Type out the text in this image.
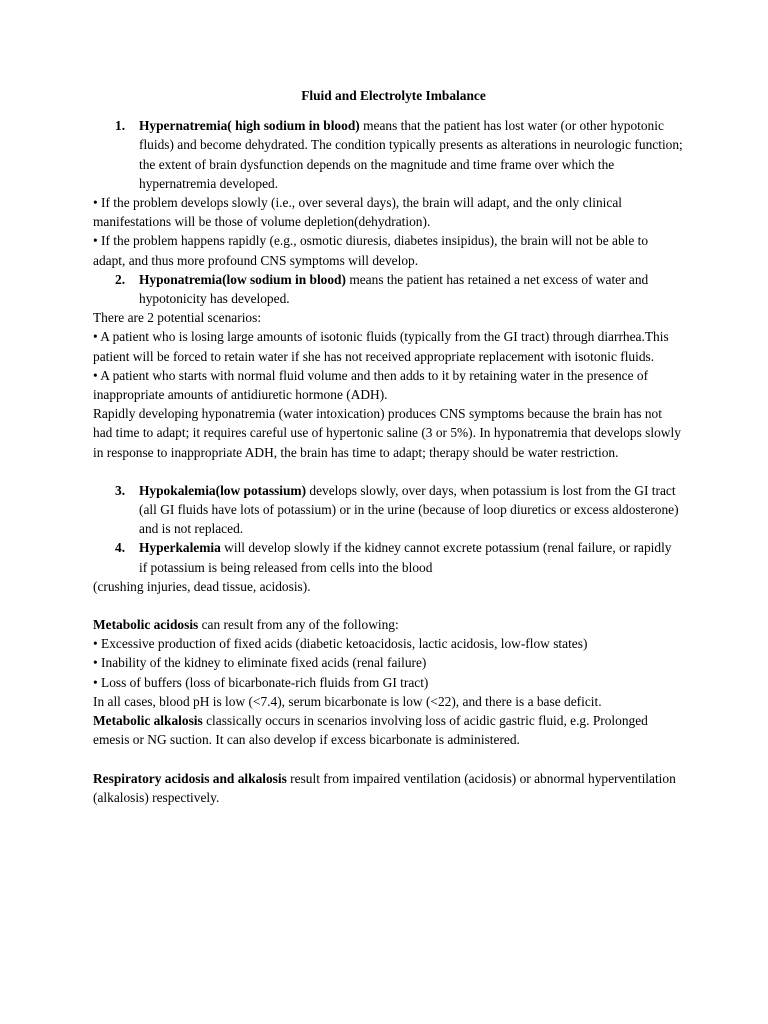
Fluid and Electrolyte Imbalance

1. Hypernatremia( high sodium in blood) means that the patient has lost water (or other hypotonic fluids) and become dehydrated. The condition typically presents as alterations in neurologic function; the extent of brain dysfunction depends on the magnitude and time frame over which the hypernatremia developed.

• If the problem develops slowly (i.e., over several days), the brain will adapt, and the only clinical manifestations will be those of volume depletion(dehydration).

• If the problem happens rapidly (e.g., osmotic diuresis, diabetes insipidus), the brain will not be able to adapt, and thus more profound CNS symptoms will develop.

2. Hyponatremia(low sodium in blood) means the patient has retained a net excess of water and hypotonicity has developed.

There are 2 potential scenarios:

• A patient who is losing large amounts of isotonic fluids (typically from the GI tract) through diarrhea.This patient will be forced to retain water if she has not received appropriate replacement with isotonic fluids.

• A patient who starts with normal fluid volume and then adds to it by retaining water in the presence of inappropriate amounts of antidiuretic hormone (ADH).

Rapidly developing hyponatremia (water intoxication) produces CNS symptoms because the brain has not had time to adapt; it requires careful use of hypertonic saline (3 or 5%). In hyponatremia that develops slowly in response to inappropriate ADH, the brain has time to adapt; therapy should be water restriction.

3. Hypokalemia(low potassium) develops slowly, over days, when potassium is lost from the GI tract (all GI fluids have lots of potassium) or in the urine (because of loop diuretics or excess aldosterone) and is not replaced.

4. Hyperkalemia will develop slowly if the kidney cannot excrete potassium (renal failure, or rapidly if potassium is being released from cells into the blood

(crushing injuries, dead tissue, acidosis).

Metabolic acidosis can result from any of the following:

• Excessive production of fixed acids (diabetic ketoacidosis, lactic acidosis, low-flow states)

• Inability of the kidney to eliminate fixed acids (renal failure)

• Loss of buffers (loss of bicarbonate-rich fluids from GI tract)

In all cases, blood pH is low (<7.4), serum bicarbonate is low (<22), and there is a base deficit.

Metabolic alkalosis classically occurs in scenarios involving loss of acidic gastric fluid, e.g. Prolonged emesis or NG suction. It can also develop if excess bicarbonate is administered.

Respiratory acidosis and alkalosis result from impaired ventilation (acidosis) or abnormal hyperventilation (alkalosis) respectively.
